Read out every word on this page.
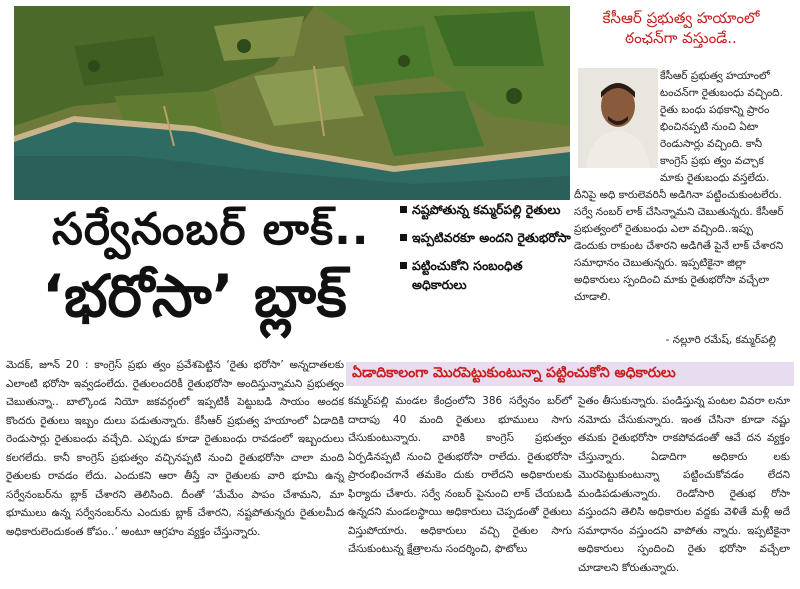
కేసీఆర్ ప్రభుత్వ హయాంలో
ఠంఛన్‌గా వస్తుండే..

కేసీఆర్ ప్రభుత్వ హయాంలో టంచన్‌గా రైతుబంధు వచ్చింది. రైతు బంధు పథకాన్ని ప్రారం భించినప్పటి నుంచి ఏటా రెండుసార్లు వచ్చింది. కానీ కాంగ్రెస్ ప్రభు త్వం వచ్చాక మాకు రైతుబంధు వస్తలేదు. దీనిపై అధి కారులెవరినీ అడిగినా పట్టించుకుంటలేరు. సర్వే నంబర్ లాక్ చేసిన్నామని చెబుతున్నరు. కేసీఆర్ ప్రభుత్వంలో రైతుబంధు ఎలా వచ్చింది..ఇప్పు డెందుకు రాకుంట చేశారని అడిగితే పైనే లాక్ చేశారని సమాధానం చెబుతున్నరు. ఇప్పటికైనా జిల్లా అధికారులు స్పందించి మాకు రైతుభరోసా వచ్చేలా చూడాలి.

- నల్లూరి రమేష్, కమ్మర్‌పల్లి
సర్వేనంబర్ లాక్..
‘భరోసా’ బ్లాక్
నష్టపోతున్న కమ్మర్‌పల్లి రైతులు
ఇప్పటివరకూ అందని రైతుభరోసా
పట్టించుకోని సంబంధిత అధికారులు

మెదక్, జూన్ 20 : కాంగ్రెస్ ప్రభు త్వం ప్రవేశపెట్టిన ‘రైతు భరోసా’ అన్నదాతలకు ఎలాంటి భరోసా ఇవ్వడంలేదు. రైతులందరికీ రైతుభరోసా అందిస్తున్నామని ప్రభుత్వం చెబుతున్నా.. బాల్కొండ నియో జకవర్గంలో ఇప్పటికీ పెట్టుబడి సాయం అందక కొందరు రైతులు ఇబ్బం దులు పడుతున్నారు. కేసీఆర్ ప్రభుత్వ హయాంలో ఏడాదికి రెండుసార్లు రైతుబంధు వచ్చేది. ఎప్పుడు కూడా రైతుబంధు రావడంలో ఇబ్బందులు కలగలేదు. కానీ కాంగ్రెస్ ప్రభుత్వం వచ్చినప్పటి నుంచి రైతుభరోసా చాలా మంది రైతులకు రావడం లేదు. ఎందుకని ఆరా తీస్తే నా రైతులకు వారి భూమి ఉన్న సర్వేనంబర్‌ను బ్లాక్ చేశారని తెలిసింది. దీంతో ‘మేమేం పాపం చేశామని, మా భూములు ఉన్న సర్వేనంబర్‌ను ఎందుకు బ్లాక్ చేశారని, నష్టపోతున్నరు రైతులమీద అధికారులెందుకంత కోపం..’ అంటూ ఆగ్రహం వ్యక్తం చేస్తున్నారు.

ఏడాదికాలంగా మొరపెట్టుకుంటున్నా పట్టించుకోని అధికారులు

కమ్మర్‌పల్లి మండల కేంద్రంలోని 386 సర్వేనం బర్‌లో దాదాపు 40 మంది రైతులు భూములు సాగు చేసుకుంటున్నారు. వారికి కాంగ్రెస్ ప్రభుత్వం ఏర్పడినప్పటి నుంచి రైతుభరోసా రాలేదు. రైతుభరోసా ప్రారంభించగానే తమకెం దుకు రాలేదని అధికారులకు ఫిర్యాదు చేశారు. సర్వే నంబర్ పైనుంచి లాక్ చేయబడి ఉన్నదని మండలస్థాయి అధికారులు చెప్పడంతో రైతులు విస్తుపోయారు. అధికారులు వచ్చి రైతుల సాగు చేసుకుంటున్న క్షేత్రాలను సందర్శించి, ఫొటోలు

సైతం తీసుకున్నారు. పండిస్తున్న పంటల వివరా లనూ నమోదు చేసుకున్నారు. ఇంత చేసినా కూడా నష్టు తమకు రైతుభరోసా రాకపోవడంతో ఆవే దన వ్యక్తం చేస్తున్నారు. ఏడాదిగా అధికారు లకు మొరపెట్టుకుంటున్నా పట్టించుకోవడం లేదని మండిపడుతున్నారు. రెండోసారి రైతుభ రోసా వస్తుందని తెలిసి అధికారుల వద్దకు వెళితే మళ్లీ అదే సమాధానం వస్తుందని వాపోతు న్నారు. ఇప్పటికైనా అధికారులు స్పందించి రైతు భరోసా వచ్చేలా చూడాలని కోరుతున్నారు.
